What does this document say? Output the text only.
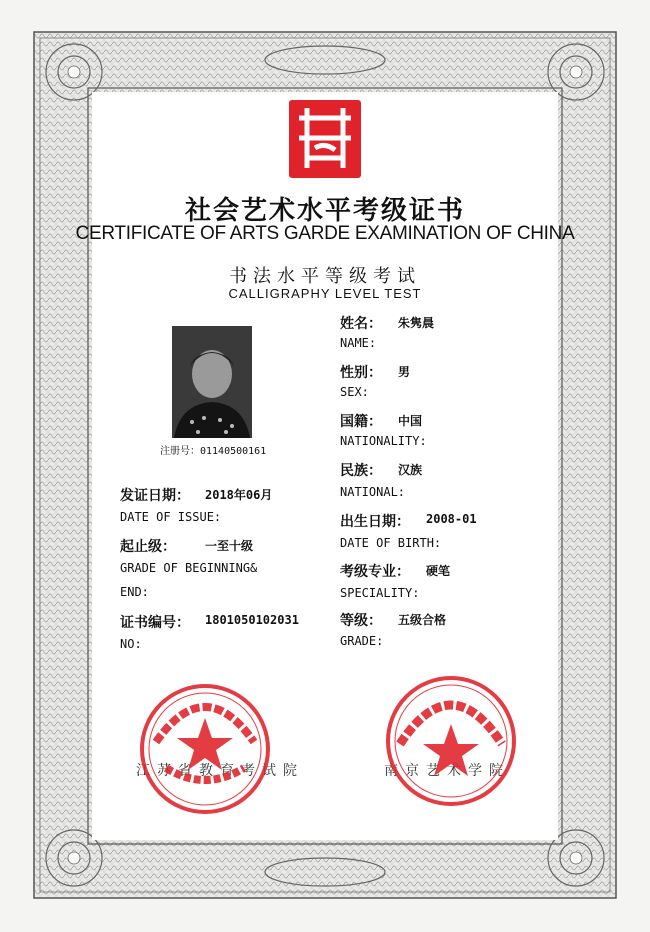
社会艺术水平考级证书
CERTIFICATE OF ARTS GARDE EXAMINATION OF CHINA
书法水平等级考试
CALLIGRAPHY LEVEL TEST
注册号：01140500161
姓名： 朱隽晨
NAME:
性别： 男
SEX:
国籍： 中国
NATIONALITY:
民族： 汉族
NATIONAL:
出生日期： 2008-01
DATE OF BIRTH:
考级专业： 硬笔
SPECIALITY:
等级： 五级合格
GRADE:
发证日期： 2018年06月
DATE OF ISSUE:
起止级： 一至十级
GRADE OF BEGINNING&
END:
证书编号： 1801050102031
NO:
江苏省教育考试院	南京艺术学院
